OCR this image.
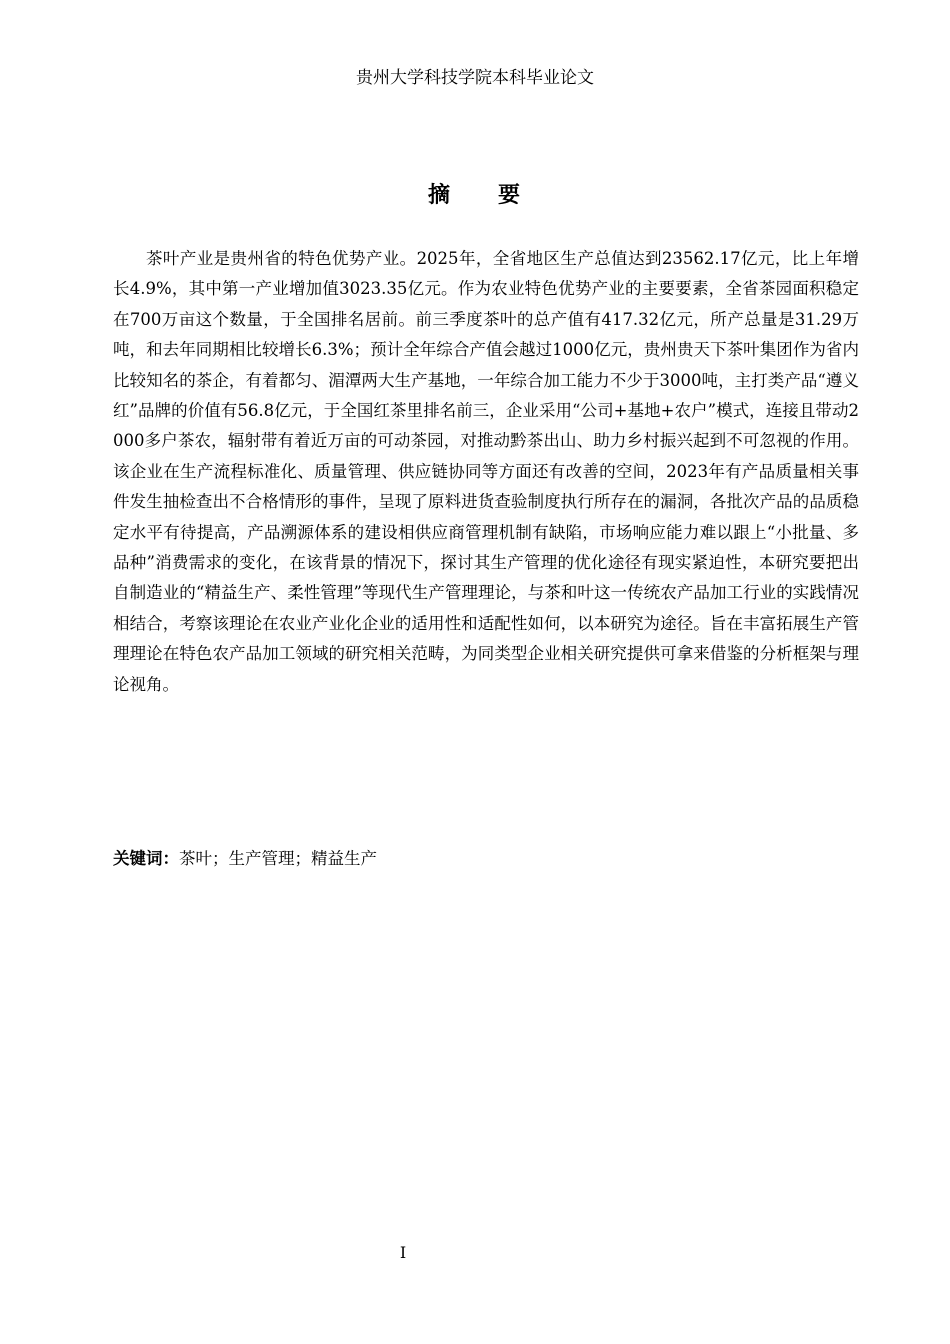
贵州大学科技学院本科毕业论文
摘 要

茶叶产业是贵州省的特色优势产业。2025年，全省地区生产总值达到23562.17亿元，比上年增长4.9%，其中第一产业增加值3023.35亿元。作为农业特色优势产业的主要要素，全省茶园面积稳定在700万亩这个数量，于全国排名居前。前三季度茶叶的总产值有417.32亿元，所产总量是31.29万吨，和去年同期相比较增长6.3%；预计全年综合产值会越过1000亿元，贵州贵天下茶叶集团作为省内比较知名的茶企，有着都匀、湄潭两大生产基地，一年综合加工能力不少于3000吨，主打类产品“遵义红”品牌的价值有56.8亿元，于全国红茶里排名前三，企业采用“公司+基地+农户”模式，连接且带动2000多户茶农，辐射带有着近万亩的可动茶园，对推动黔茶出山、助力乡村振兴起到不可忽视的作用。该企业在生产流程标准化、质量管理、供应链协同等方面还有改善的空间，2023年有产品质量相关事件发生抽检查出不合格情形的事件，呈现了原料进货查验制度执行所存在的漏洞，各批次产品的品质稳定水平有待提高，产品溯源体系的建设相供应商管理机制有缺陷，市场响应能力难以跟上“小批量、多品种”消费需求的变化，在该背景的情况下，探讨其生产管理的优化途径有现实紧迫性，本研究要把出自制造业的“精益生产、柔性管理”等现代生产管理理论，与茶和叶这一传统农产品加工行业的实践情况相结合，考察该理论在农业产业化企业的适用性和适配性如何，以本研究为途径。旨在丰富拓展生产管理理论在特色农产品加工领域的研究相关范畴，为同类型企业相关研究提供可拿来借鉴的分析框架与理论视角。

关键词：茶叶；生产管理；精益生产
I
